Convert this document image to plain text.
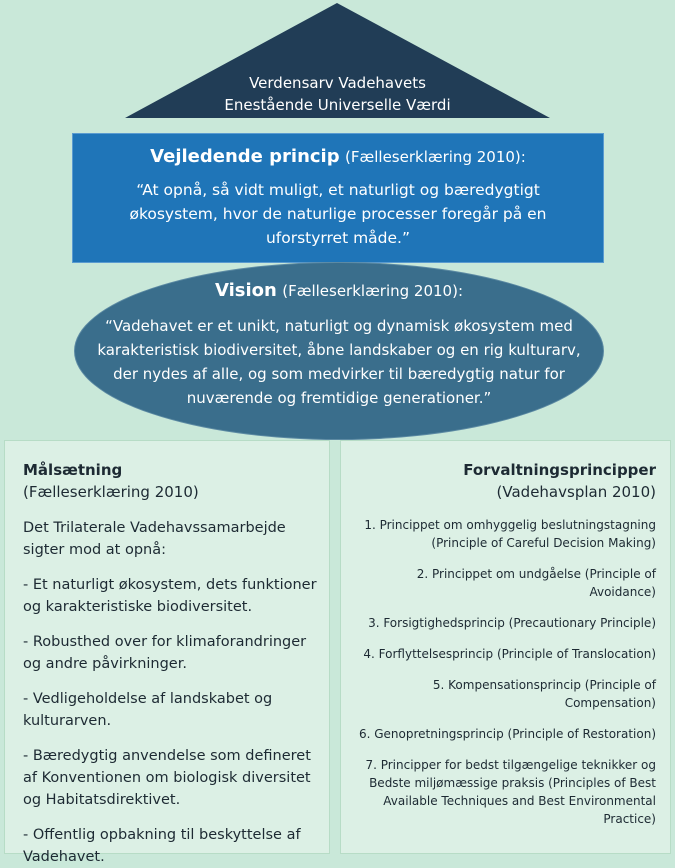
Verdensarv Vadehavets
Enestående Universelle Værdi
Vejledende princip (Fælleserklæring 2010):
“At opnå, så vidt muligt, et naturligt og bæredygtigt økosystem, hvor de naturlige processer foregår på en uforstyrret måde.”
Vision (Fælleserklæring 2010):
“Vadehavet er et unikt, naturligt og dynamisk økosystem med karakteristisk biodiversitet, åbne landskaber og en rig kulturarv, der nydes af alle, og som medvirker til bæredygtig natur for nuværende og fremtidige generationer.”
Målsætning
(Fælleserklæring 2010)
Det Trilaterale Vadehavssamarbejde sigter mod at opnå:
- Et naturligt økosystem, dets funktioner og karakteristiske biodiversitet.
- Robusthed over for klimaforandringer og andre påvirkninger.
- Vedligeholdelse af landskabet og kulturarven.
- Bæredygtig anvendelse som defineret af Konventionen om biologisk diversitet og Habitatsdirektivet.
- Offentlig opbakning til beskyttelse af Vadehavet.
Forvaltningsprincipper
(Vadehavsplan 2010)
1. Princippet om omhyggelig beslutningstagning (Principle of Careful Decision Making)
2. Princippet om undgåelse (Principle of Avoidance)
3. Forsigtighedsprincip (Precautionary Principle)
4. Forflyttelsesprincip (Principle of Translocation)
5. Kompensationsprincip (Principle of Compensation)
6. Genopretningsprincip (Principle of Restoration)
7. Principper for bedst tilgængelige teknikker og Bedste miljømæssige praksis (Principles of Best Available Techniques and Best Environmental Practice)
